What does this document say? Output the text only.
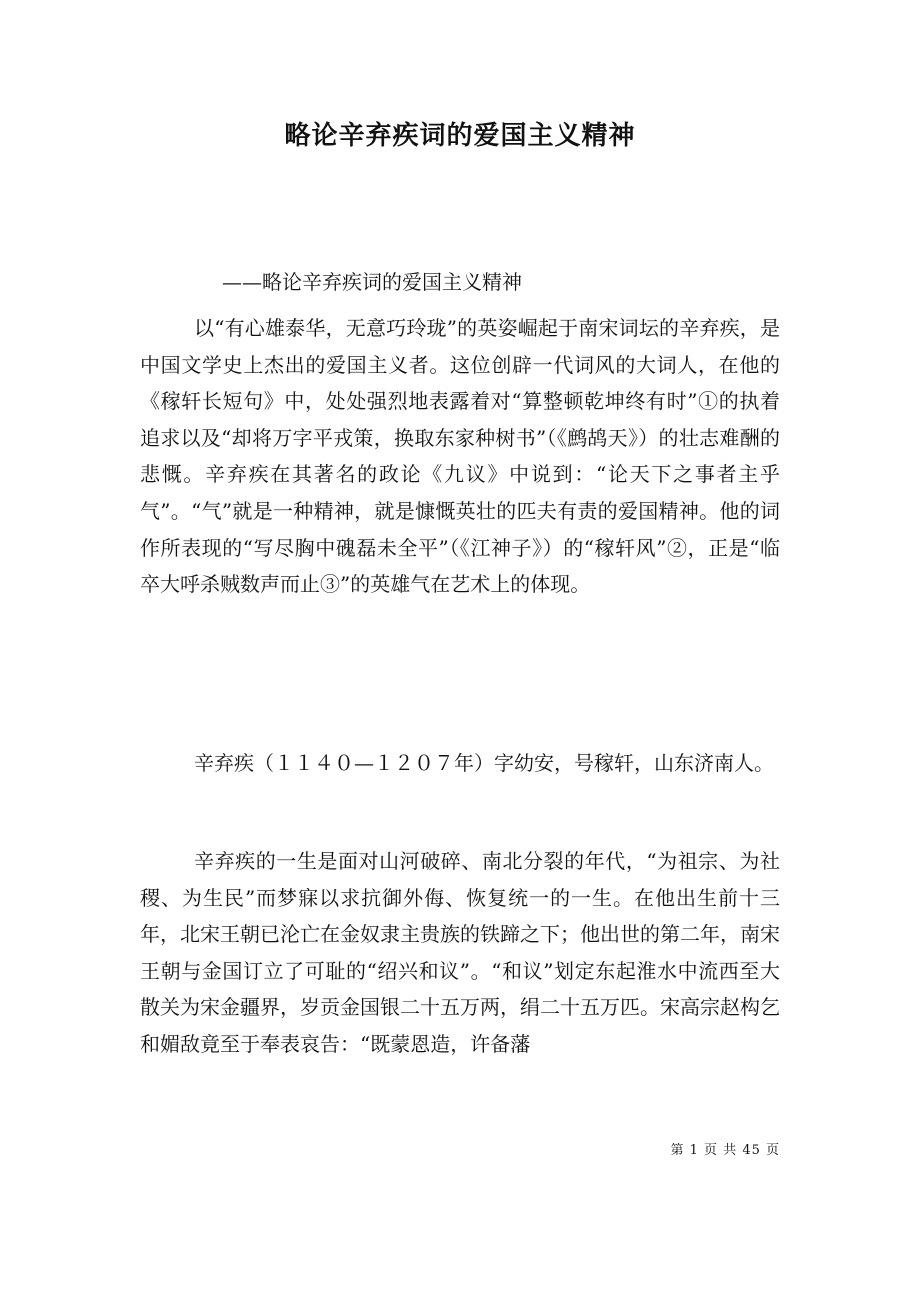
略论辛弃疾词的爱国主义精神
——略论辛弃疾词的爱国主义精神

以“有心雄泰华，无意巧玲珑”的英姿崛起于南宋词坛的辛弃疾，是中国文学史上杰出的爱国主义者。这位创辟一代词风的大词人，在他的《稼轩长短句》中，处处强烈地表露着对“算整顿乾坤终有时”①的执着追求以及“却将万字平戎策，换取东家种树书”（《鹧鸪天》）的壮志难酬的悲慨。辛弃疾在其著名的政论《九议》中说到：“论天下之事者主乎气”。“气”就是一种精神，就是慷慨英壮的匹夫有责的爱国精神。他的词作所表现的“写尽胸中磈磊未全平”（《江神子》）的“稼轩风”②，正是“临卒大呼杀贼数声而止③”的英雄气在艺术上的体现。

辛弃疾（１１４０—１２０７年）字幼安，号稼轩，山东济南人。

辛弃疾的一生是面对山河破碎、南北分裂的年代，“为祖宗、为社稷、为生民”而梦寐以求抗御外侮、恢复统一的一生。在他出生前十三年，北宋王朝已沦亡在金奴隶主贵族的铁蹄之下；他出世的第二年，南宋王朝与金国订立了可耻的“绍兴和议”。“和议”划定东起淮水中流西至大散关为宋金疆界，岁贡金国银二十五万两，绢二十五万匹。宋高宗赵构乞和媚敌竟至于奉表哀告：“既蒙恩造，许备藩

第 1 页 共 45 页
